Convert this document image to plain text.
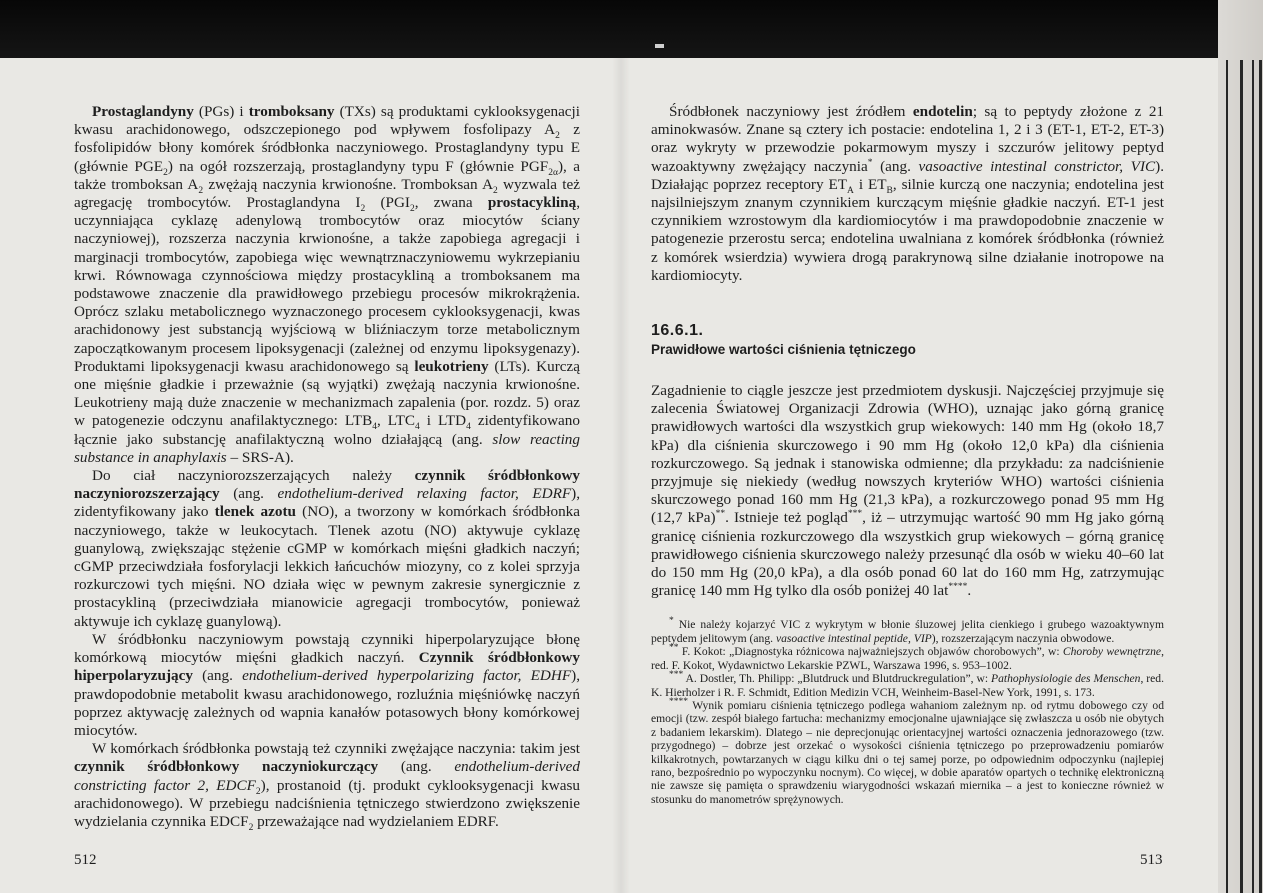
Prostaglandyny (PGs) i tromboksany (TXs) są produktami cyklooksygenacji kwasu arachidonowego, odszczepionego pod wpływem fosfolipazy $A_2$ z fosfolipidów błony komórek śródbłonka naczyniowego. Prostaglandyny typu E (głównie $PGE_2$) na ogół rozszerzają, prostaglandyny typu F (głównie $PGF_{2\alpha}$), a także tromboksan $A_2$ zwężają naczynia krwionośne. Tromboksan $A_2$ wyzwala też agregację trombocytów. Prostaglandyna $I_2$ ($PGI_2$, zwana prostacykliną, uczynniająca cyklazę adenylową trombocytów oraz miocytów ściany naczyniowej), rozszerza naczynia krwionośne, a także zapobiega agregacji i marginacji trombocytów, zapobiega więc wewnątrznaczyniowemu wykrzepianiu krwi. Równowaga czynnościowa między prostacykliną a tromboksanem ma podstawowe znaczenie dla prawidłowego przebiegu procesów mikrokrążenia. Oprócz szlaku metabolicznego wyznaczonego procesem cyklooksygenacji, kwas arachidonowy jest substancją wyjściową w bliźniaczym torze metabolicznym zapoczątkowanym procesem lipoksygenacji (zależnej od enzymu lipoksygenazy). Produktami lipoksygenacji kwasu arachidonowego są leukotrieny (LTs). Kurczą one mięśnie gładkie i przeważnie (są wyjątki) zwężają naczynia krwionośne. Leukotrieny mają duże znaczenie w mechanizmach zapalenia (por. rozdz. 5) oraz w patogenezie odczynu anafilaktycznego: $LTB_4$, $LTC_4$ i $LTD_4$ zidentyfikowano łącznie jako substancję anafilaktyczną wolno działającą (ang. slow reacting substance in anaphylaxis – SRS-A).

Do ciał naczyniorozszerzających należy czynnik śródbłonkowy naczyniorozszerzający (ang. endothelium-derived relaxing factor, EDRF), zidentyfikowany jako tlenek azotu (NO), a tworzony w komórkach śródbłonka naczyniowego, także w leukocytach. Tlenek azotu (NO) aktywuje cyklazę guanylową, zwiększając stężenie cGMP w komórkach mięśni gładkich naczyń; cGMP przeciwdziała fosforylacji lekkich łańcuchów miozyny, co z kolei sprzyja rozkurczowi tych mięśni. NO działa więc w pewnym zakresie synergicznie z prostacykliną (przeciwdziała mianowicie agregacji trombocytów, ponieważ aktywuje ich cyklazę guanylową).

W śródbłonku naczyniowym powstają czynniki hiperpolaryzujące błonę komórkową miocytów mięśni gładkich naczyń. Czynnik śródbłonkowy hiperpolaryzujący (ang. endothelium-derived hyperpolarizing factor, EDHF), prawdopodobnie metabolit kwasu arachidonowego, rozluźnia mięśniówkę naczyń poprzez aktywację zależnych od wapnia kanałów potasowych błony komórkowej miocytów.

W komórkach śródbłonka powstają też czynniki zwężające naczynia: takim jest czynnik śródbłonkowy naczyniokurczący (ang. endothelium-derived constricting factor 2, $EDCF_2$), prostanoid (tj. produkt cyklooksygenacji kwasu arachidonowego). W przebiegu nadciśnienia tętniczego stwierdzono zwiększenie wydzielania czynnika $EDCF_2$ przeważające nad wydzielaniem EDRF.

512

Śródbłonek naczyniowy jest źródłem endotelin; są to peptydy złożone z 21 aminokwasów. Znane są cztery ich postacie: endotelina 1, 2 i 3 (ET-1, ET-2, ET-3) oraz wykryty w przewodzie pokarmowym myszy i szczurów jelitowy peptyd wazoaktywny zwężający naczynia* (ang. vasoactive intestinal constrictor, VIC). Działając poprzez receptory $ET_A$ i $ET_B$, silnie kurczą one naczynia; endotelina jest najsilniejszym znanym czynnikiem kurczącym mięśnie gładkie naczyń. ET-1 jest czynnikiem wzrostowym dla kardiomiocytów i ma prawdopodobnie znaczenie w patogenezie przerostu serca; endotelina uwalniana z komórek śródbłonka (również z komórek wsierdzia) wywiera drogą parakrynową silne działanie inotropowe na kardiomiocyty.

16.6.1.
Prawidłowe wartości ciśnienia tętniczego

Zagadnienie to ciągle jeszcze jest przedmiotem dyskusji. Najczęściej przyjmuje się zalecenia Światowej Organizacji Zdrowia (WHO), uznając jako górną granicę prawidłowych wartości dla wszystkich grup wiekowych: 140 mm Hg (około 18,7 kPa) dla ciśnienia skurczowego i 90 mm Hg (około 12,0 kPa) dla ciśnienia rozkurczowego. Są jednak i stanowiska odmienne; dla przykładu: za nadciśnienie przyjmuje się niekiedy (według nowszych kryteriów WHO) wartości ciśnienia skurczowego ponad 160 mm Hg (21,3 kPa), a rozkurczowego ponad 95 mm Hg (12,7 kPa)**. Istnieje też pogląd***, iż – utrzymując wartość 90 mm Hg jako górną granicę ciśnienia rozkurczowego dla wszystkich grup wiekowych – górną granicę prawidłowego ciśnienia skurczowego należy przesunąć dla osób w wieku 40–60 lat do 150 mm Hg (20,0 kPa), a dla osób ponad 60 lat do 160 mm Hg, zatrzymując granicę 140 mm Hg tylko dla osób poniżej 40 lat****.

* Nie należy kojarzyć VIC z wykrytym w błonie śluzowej jelita cienkiego i grubego wazoaktywnym peptydem jelitowym (ang. vasoactive intestinal peptide, VIP), rozszerzającym naczynia obwodowe.

** F. Kokot: „Diagnostyka różnicowa najważniejszych objawów chorobowych”, w: Choroby wewnętrzne, red. F. Kokot, Wydawnictwo Lekarskie PZWL, Warszawa 1996, s. 953–1002.

*** A. Dostler, Th. Philipp: „Blutdruck und Blutdruckregulation”, w: Pathophysiologie des Menschen, red. K. Hierholzer i R. F. Schmidt, Edition Medizin VCH, Weinheim-Basel-New York, 1991, s. 173.

**** Wynik pomiaru ciśnienia tętniczego podlega wahaniom zależnym np. od rytmu dobowego czy od emocji (tzw. zespół białego fartucha: mechanizmy emocjonalne ujawniające się zwłaszcza u osób nie obytych z badaniem lekarskim). Dlatego – nie deprecjonując orientacyjnej wartości oznaczenia jednorazowego (tzw. przygodnego) – dobrze jest orzekać o wysokości ciśnienia tętniczego po przeprowadzeniu pomiarów kilkakrotnych, powtarzanych w ciągu kilku dni o tej samej porze, po odpowiednim odpoczynku (najlepiej rano, bezpośrednio po wypoczynku nocnym). Co więcej, w dobie aparatów opartych o technikę elektroniczną nie zawsze się pamięta o sprawdzeniu wiarygodności wskazań miernika – a jest to konieczne również w stosunku do manometrów sprężynowych.

513
